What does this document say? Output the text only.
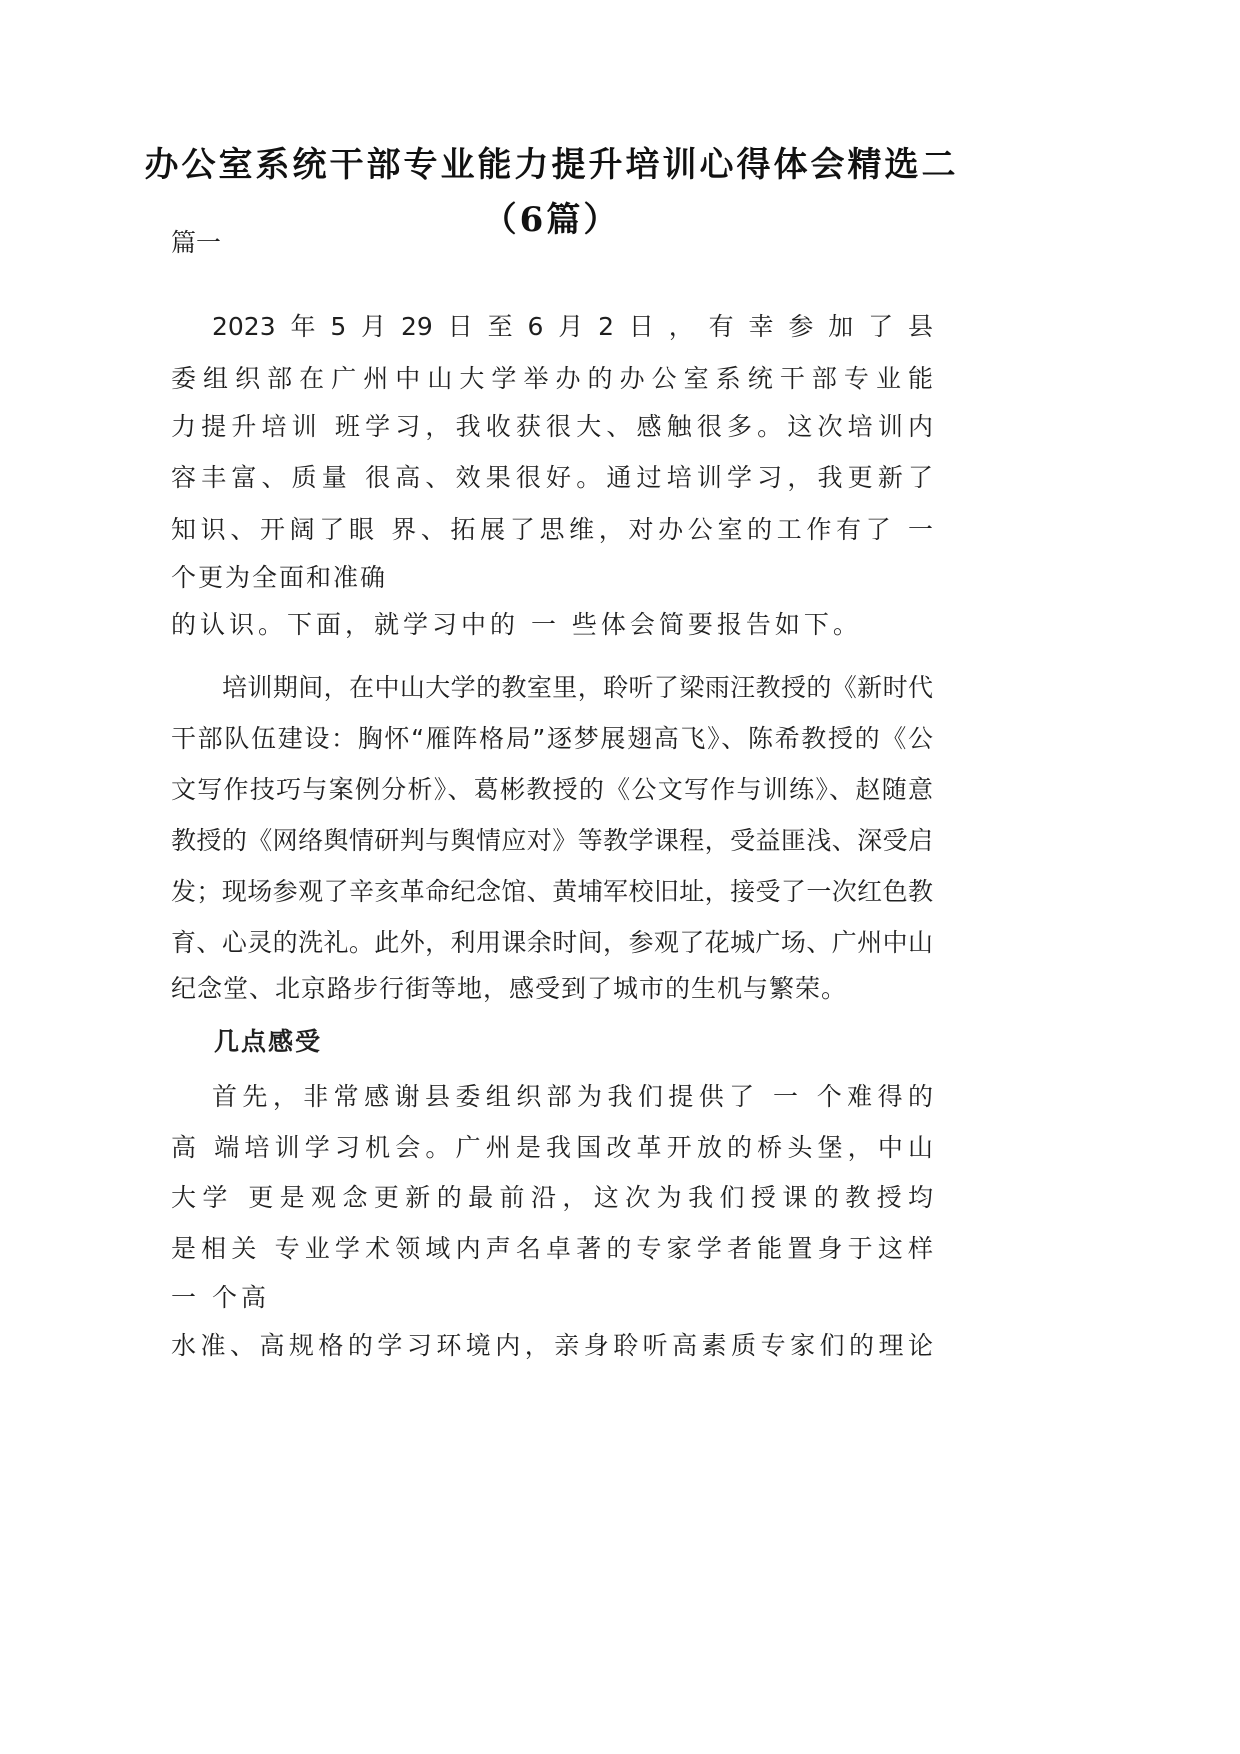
办公室系统干部专业能力提升培训心得体会精选二
（6篇）

篇一

2023年5月29日至6月2日，有幸参加了县

委组织部在广州中山大学举办的办公室系统干部专业能

力提升培训 班学习，我收获很大、感触很多。这次培训内

容丰富、质量 很高、效果很好。通过培训学习，我更新了

知识、开阔了眼 界、拓展了思维，对办公室的工作有了 一

个更为全面和准确

的认识。下面，就学习中的 一 些体会简要报告如下。

培训期间，在中山大学的教室里，聆听了梁雨汪教授的《新时代

干部队伍建设：胸怀“雁阵格局”逐梦展翅高飞》、陈希教授的《公

文写作技巧与案例分析》、葛彬教授的《公文写作与训练》、赵随意

教授的《网络舆情研判与舆情应对》等教学课程，受益匪浅、深受启

发；现场参观了辛亥革命纪念馆、黄埔军校旧址，接受了一次红色教

育、心灵的洗礼。此外，利用课余时间，参观了花城广场、广州中山

纪念堂、北京路步行街等地，感受到了城市的生机与繁荣。

几点感受

首先，非常感谢县委组织部为我们提供了 一 个难得的

高 端培训学习机会。广州是我国改革开放的桥头堡，中山

大学 更是观念更新的最前沿，这次为我们授课的教授均

是相关 专业学术领域内声名卓著的专家学者能置身于这样

一 个高

水准、高规格的学习环境内，亲身聆听高素质专家们的理论
